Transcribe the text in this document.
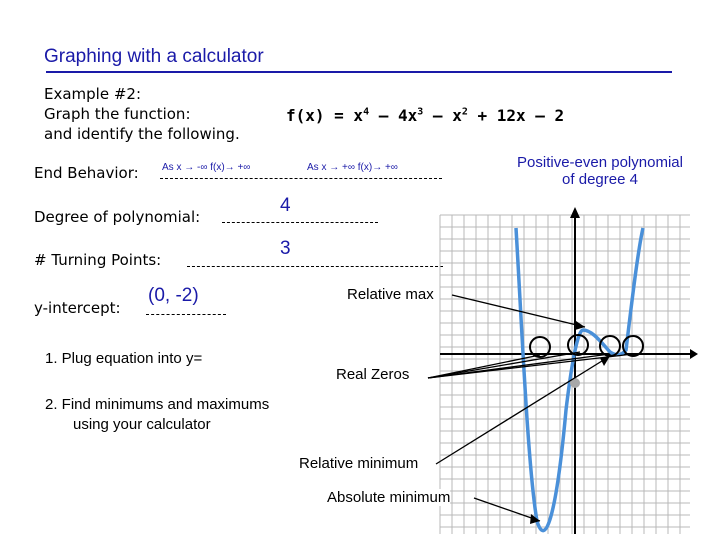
Graphing with a calculator
Example #2:
Graph the function:
and identify the following.
$f(x) = x^4 - 4x^3 - x^2 + 12x - 2$
End Behavior: As x → -∞ f(x)→ +∞	As x → +∞ f(x)→ +∞
Degree of polynomial:
4
# Turning Points:
3
y-intercept:
(0, -2)
Positive-even polynomial
of degree 4
1. Plug equation into y=
2. Find minimums and maximums
using your calculator
Relative max
Real Zeros
Relative minimum
Absolute minimum
